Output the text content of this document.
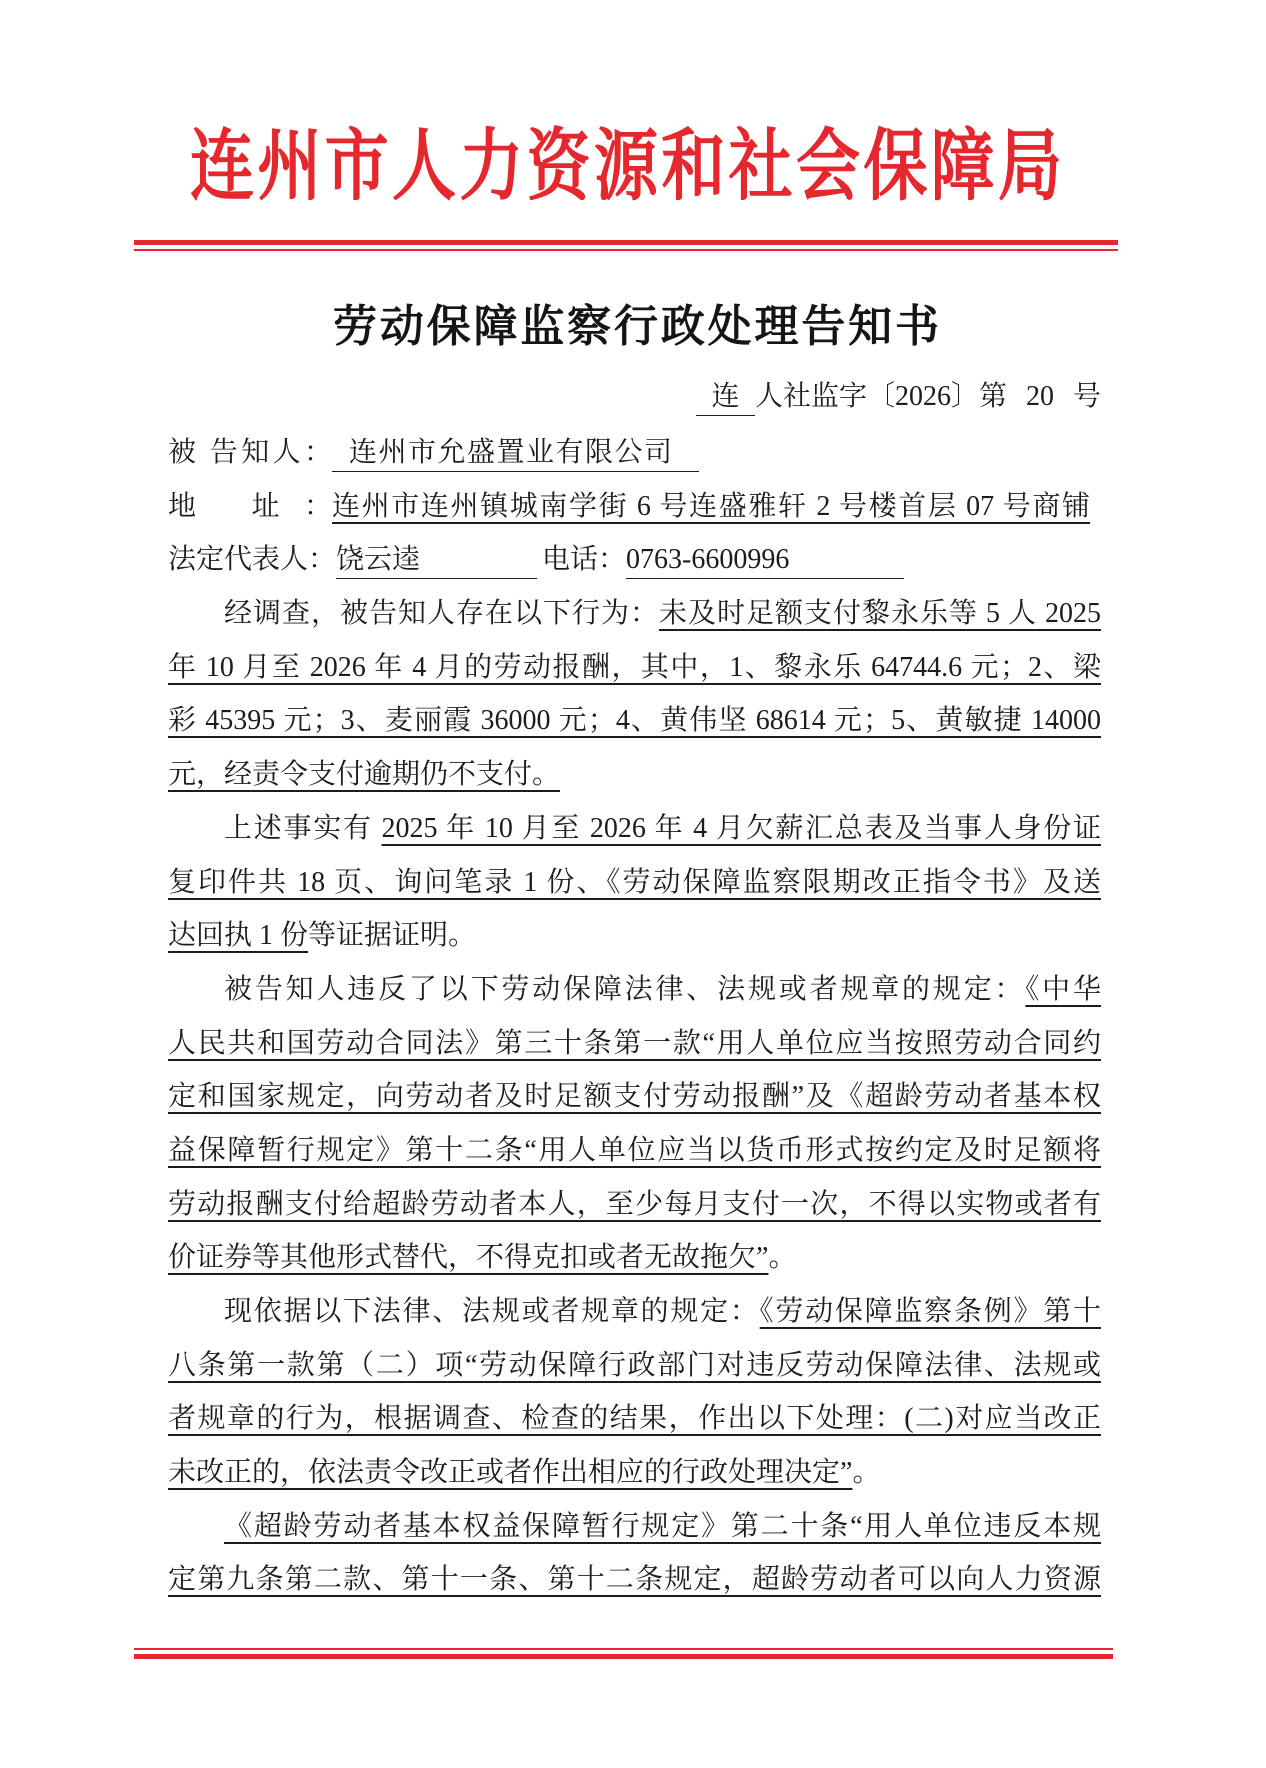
连州市人力资源和社会保障局
劳动保障监察行政处理告知书
连 人社监字〔2026〕第 20 号
被 告知人： 连州市允盛置业有限公司
地 址：连州市连州镇城南学街 6 号连盛雅轩 2 号楼首层 07 号商铺
法定代表人：饶云逵	电话：0763-6600996
经调查，被告知人存在以下行为：未及时足额支付黎永乐等 5 人 2025
年 10 月至 2026 年 4 月的劳动报酬，其中，1、黎永乐 64744.6 元；2、梁
彩 45395 元；3、麦丽霞 36000 元；4、黄伟坚 68614 元；5、黄敏捷 14000
元，经责令支付逾期仍不支付。
上述事实有 2025 年 10 月至 2026 年 4 月欠薪汇总表及当事人身份证
复印件共 18 页、询问笔录 1 份、《劳动保障监察限期改正指令书》及送
达回执 1 份等证据证明。
被告知人违反了以下劳动保障法律、法规或者规章的规定：《中华
人民共和国劳动合同法》第三十条第一款“用人单位应当按照劳动合同约
定和国家规定，向劳动者及时足额支付劳动报酬”及《超龄劳动者基本权
益保障暂行规定》第十二条“用人单位应当以货币形式按约定及时足额将
劳动报酬支付给超龄劳动者本人，至少每月支付一次，不得以实物或者有
价证券等其他形式替代，不得克扣或者无故拖欠”。
现依据以下法律、法规或者规章的规定：《劳动保障监察条例》第十
八条第一款第（二）项“劳动保障行政部门对违反劳动保障法律、法规或
者规章的行为，根据调查、检查的结果，作出以下处理：(二)对应当改正
未改正的，依法责令改正或者作出相应的行政处理决定”。
《超龄劳动者基本权益保障暂行规定》第二十条“用人单位违反本规
定第九条第二款、第十一条、第十二条规定，超龄劳动者可以向人力资源
